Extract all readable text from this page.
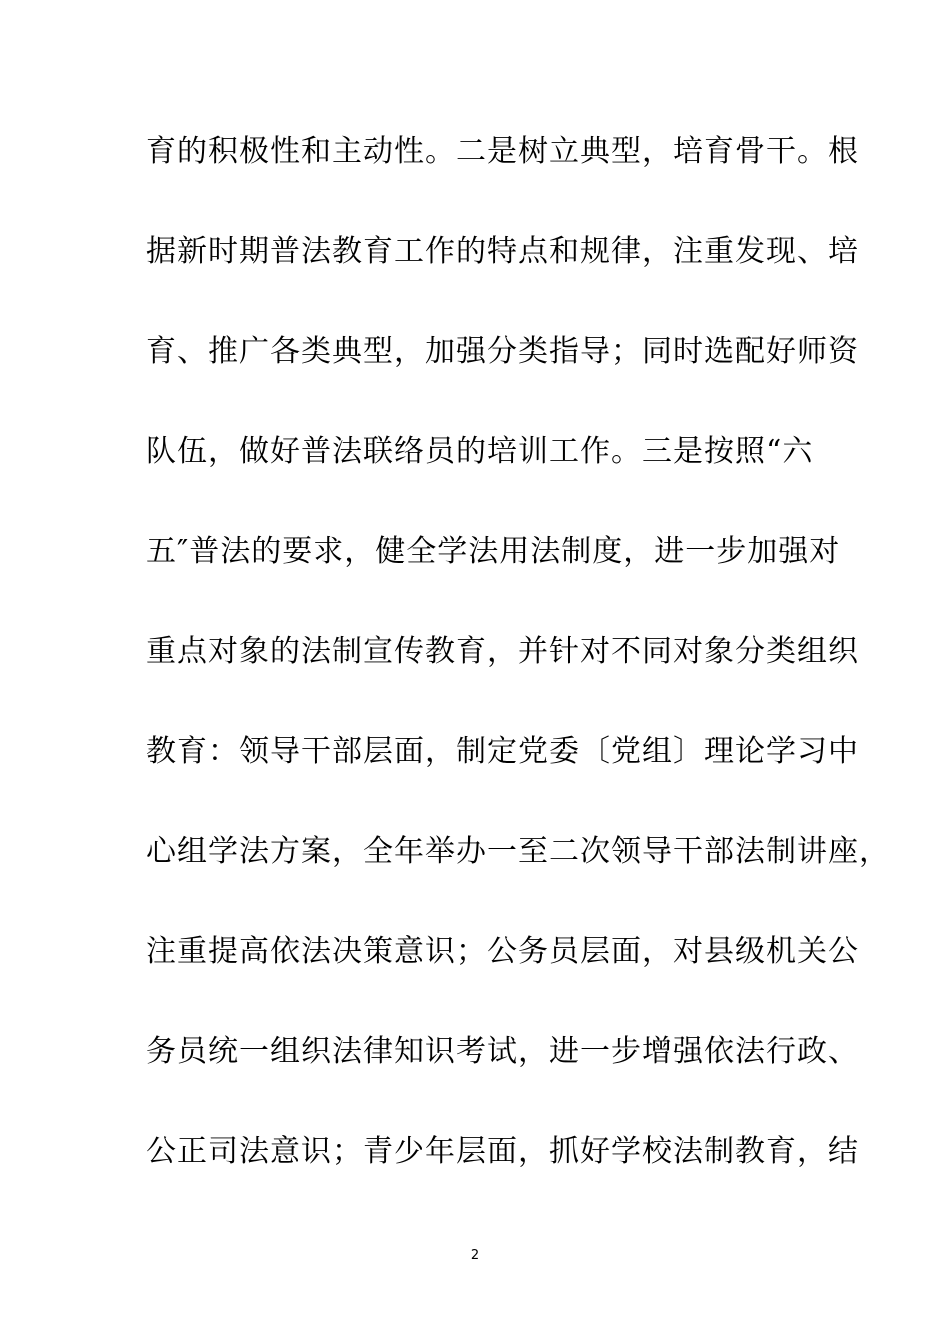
育的积极性和主动性。二是树立典型，培育骨干。根
据新时期普法教育工作的特点和规律，注重发现、培
育、推广各类典型，加强分类指导；同时选配好师资
队伍，做好普法联络员的培训工作。三是按照“六
五″普法的要求，健全学法用法制度，进一步加强对
重点对象的法制宣传教育，并针对不同对象分类组织
教育：领导干部层面，制定党委〔党组〕理论学习中
心组学法方案，全年举办一至二次领导干部法制讲座，
注重提高依法决策意识；公务员层面，对县级机关公
务员统一组织法律知识考试，进一步增强依法行政、
公正司法意识；青少年层面，抓好学校法制教育，结
2
